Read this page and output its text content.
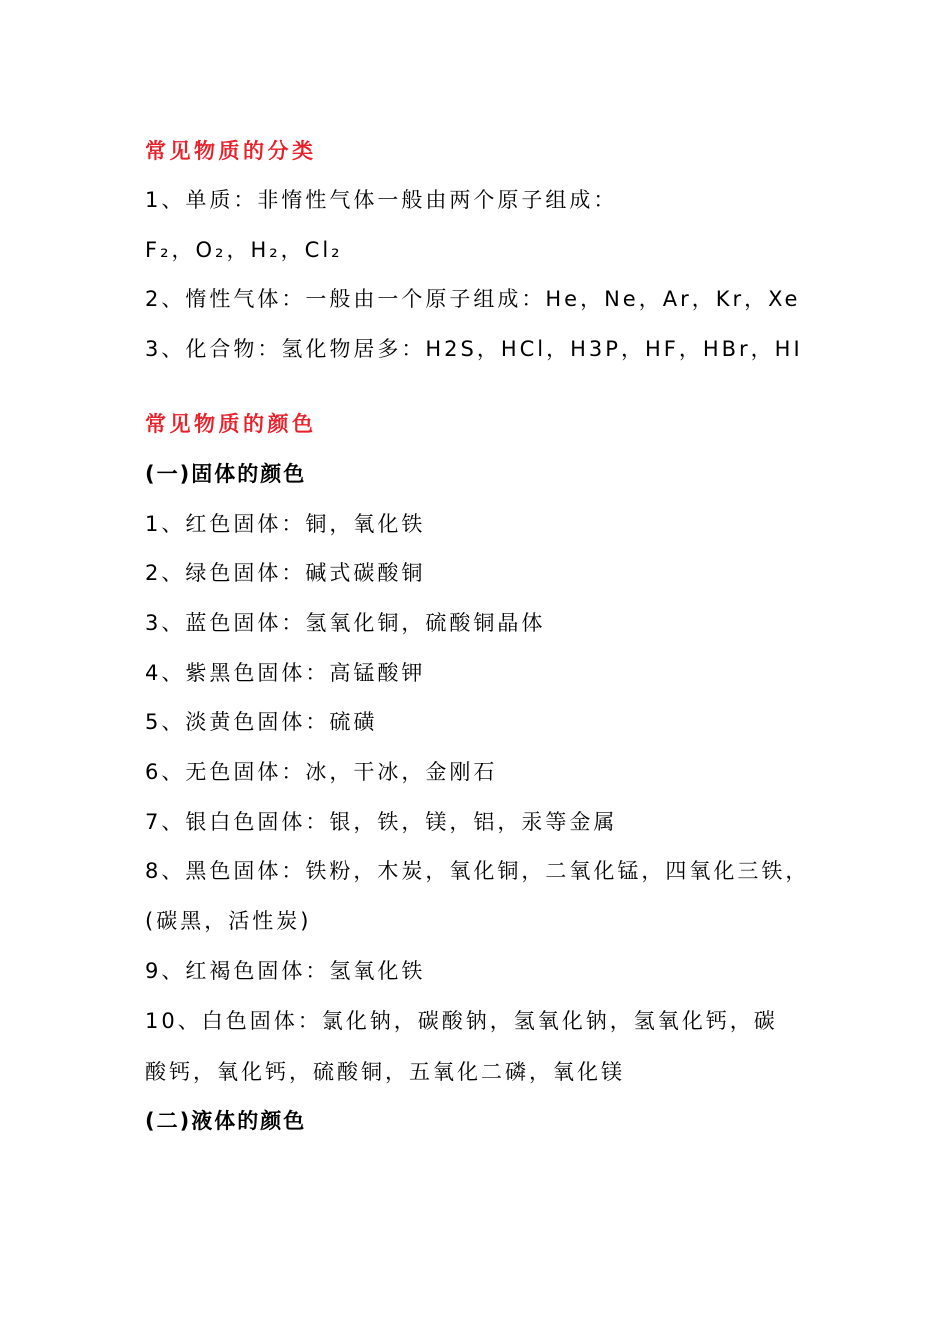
常见物质的分类
1、单质：非惰性气体一般由两个原子组成：
F₂，O₂，H₂，Cl₂
2、惰性气体：一般由一个原子组成：He，Ne，Ar，Kr，Xe
3、化合物：氢化物居多：H2S，HCl，H3P，HF，HBr，HI
常见物质的颜色
(一)固体的颜色
1、红色固体：铜，氧化铁
2、绿色固体：碱式碳酸铜
3、蓝色固体：氢氧化铜，硫酸铜晶体
4、紫黑色固体：高锰酸钾
5、淡黄色固体：硫磺
6、无色固体：冰，干冰，金刚石
7、银白色固体：银，铁，镁，铝，汞等金属
8、黑色固体：铁粉，木炭，氧化铜，二氧化锰，四氧化三铁，
(碳黑，活性炭)
9、红褐色固体：氢氧化铁
10、白色固体：氯化钠，碳酸钠，氢氧化钠，氢氧化钙，碳
酸钙，氧化钙，硫酸铜，五氧化二磷，氧化镁
(二)液体的颜色
